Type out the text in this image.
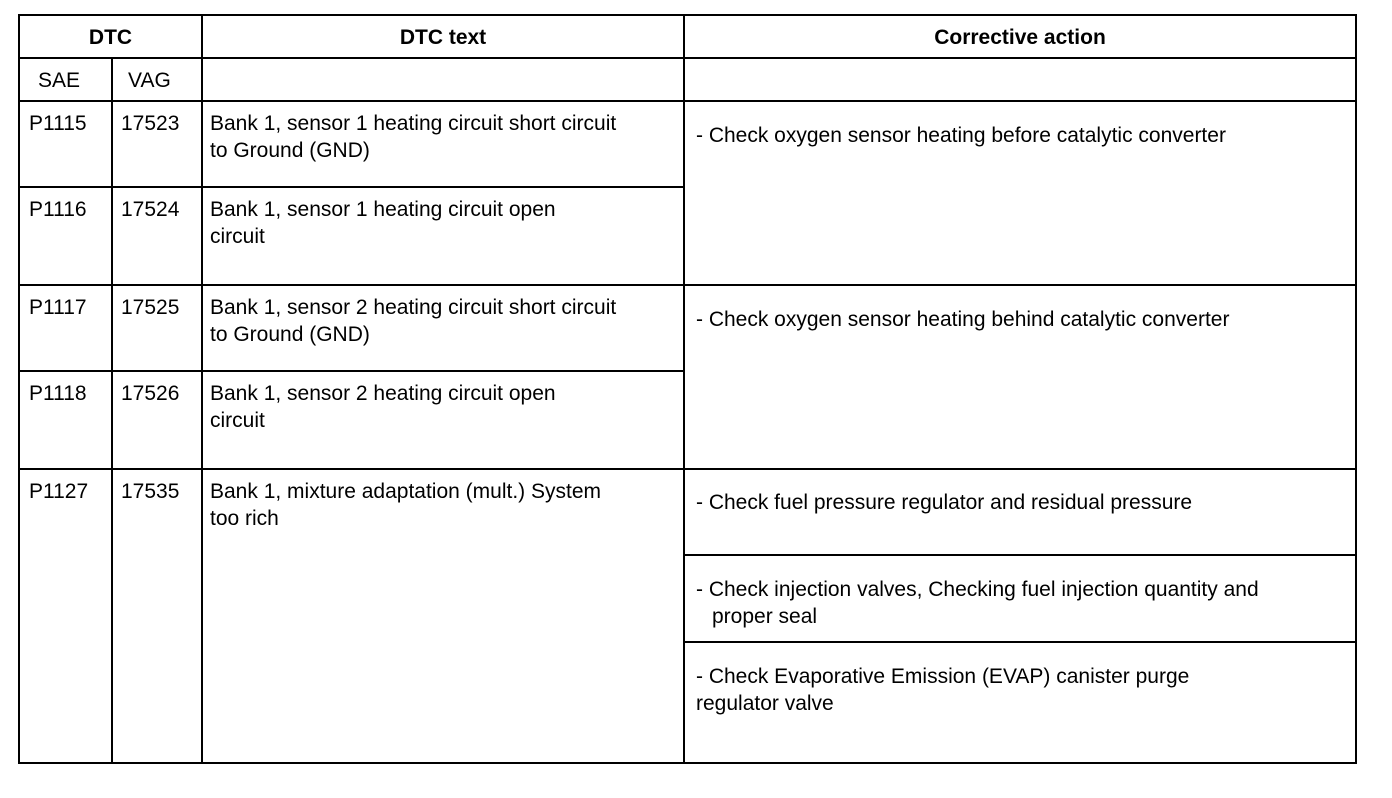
DTC	DTC text	Corrective action
SAE VAG
P1115 17523 Bank 1, sensor 1 heating circuit short circuit
to Ground (GND)
P1116 17524 Bank 1, sensor 1 heating circuit open
circuit
P1117 17525 Bank 1, sensor 2 heating circuit short circuit
to Ground (GND)
P1118 17526 Bank 1, sensor 2 heating circuit open
circuit
P1127 17535 Bank 1, mixture adaptation (mult.) System
too rich
- Check oxygen sensor heating before catalytic converter
- Check oxygen sensor heating behind catalytic converter
- Check fuel pressure regulator and residual pressure
- Check injection valves, Checking fuel injection quantity and
proper seal
- Check Evaporative Emission (EVAP) canister purge
regulator valve
